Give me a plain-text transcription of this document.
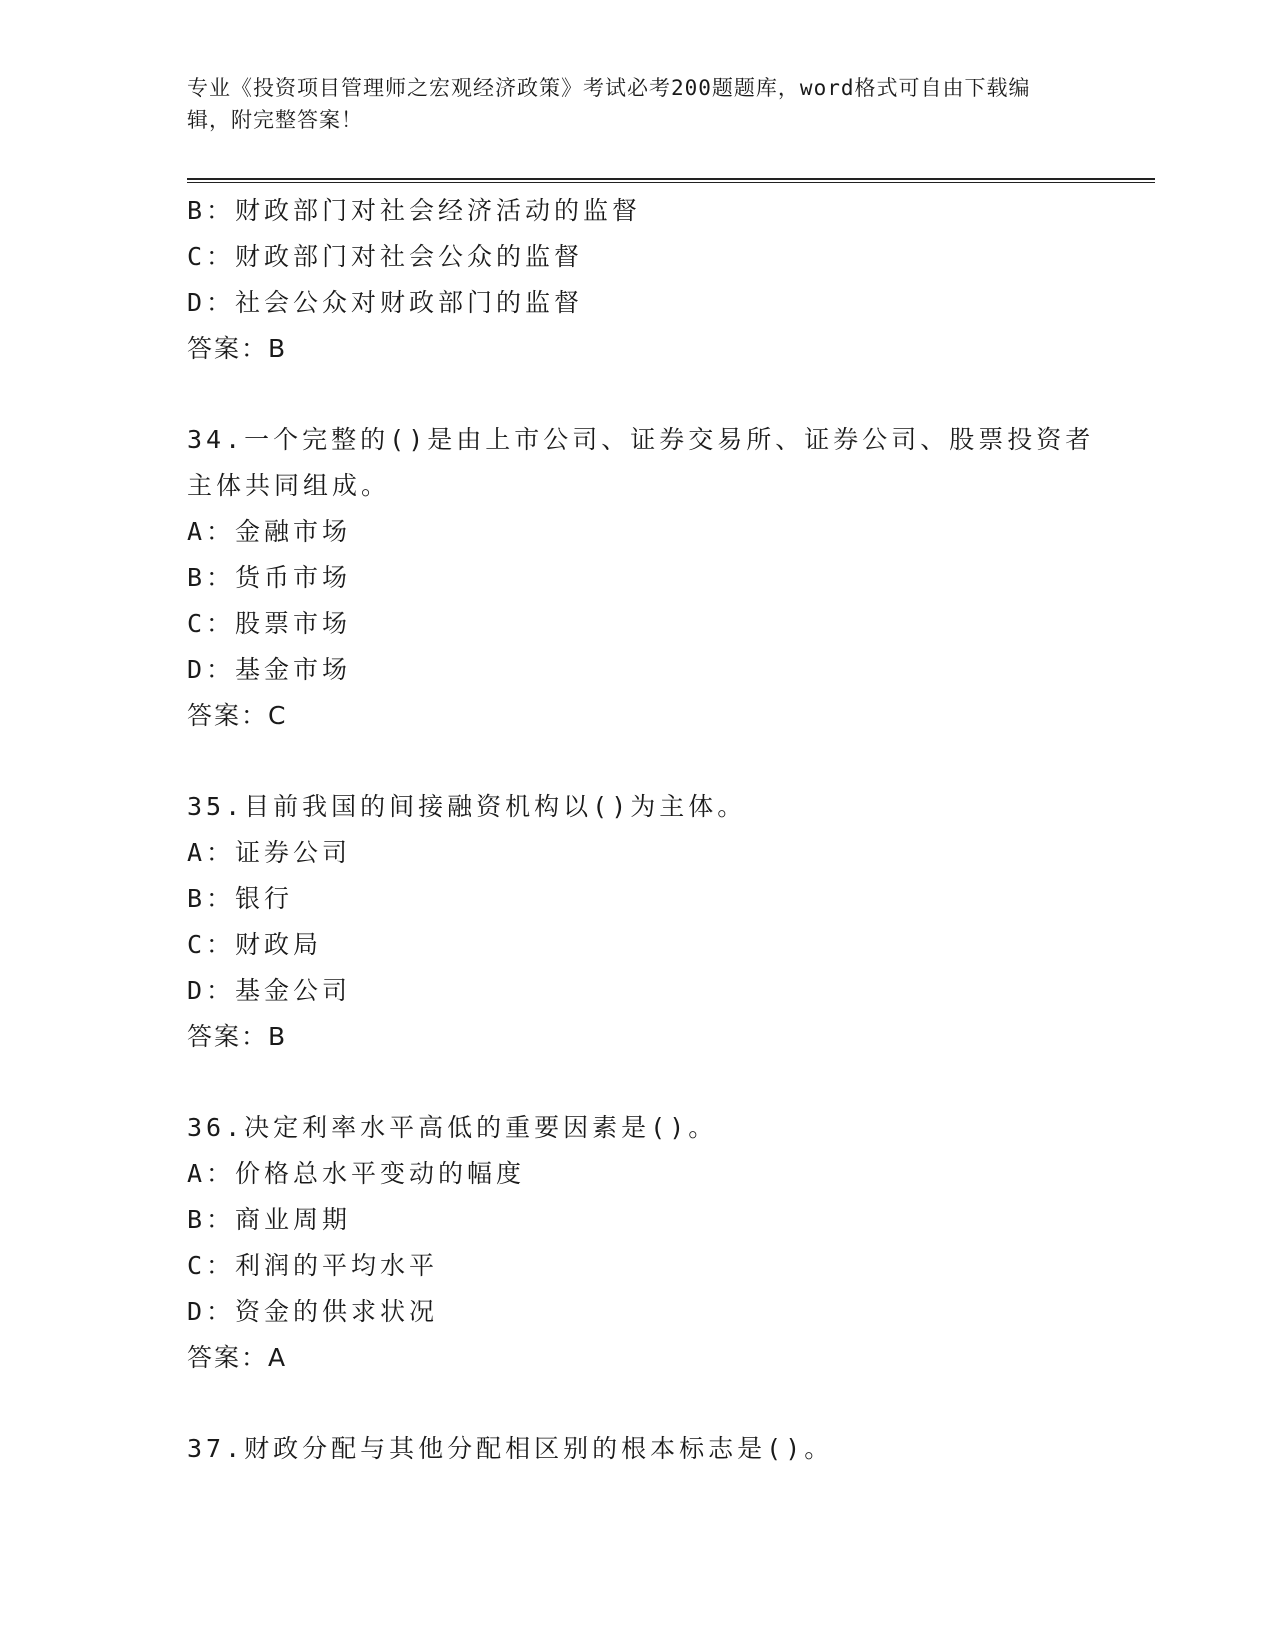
专业《投资项目管理师之宏观经济政策》考试必考200题题库，word格式可自由下载编辑，附完整答案！
B：财政部门对社会经济活动的监督
C：财政部门对社会公众的监督
D：社会公众对财政部门的监督
答案：B
34.一个完整的()是由上市公司、证券交易所、证券公司、股票投资者
主体共同组成。
A：金融市场
B：货币市场
C：股票市场
D：基金市场
答案：C
35.目前我国的间接融资机构以()为主体。
A：证券公司
B：银行
C：财政局
D：基金公司
答案：B
36.决定利率水平高低的重要因素是()。
A：价格总水平变动的幅度
B：商业周期
C：利润的平均水平
D：资金的供求状况
答案：A
37.财政分配与其他分配相区别的根本标志是()。
